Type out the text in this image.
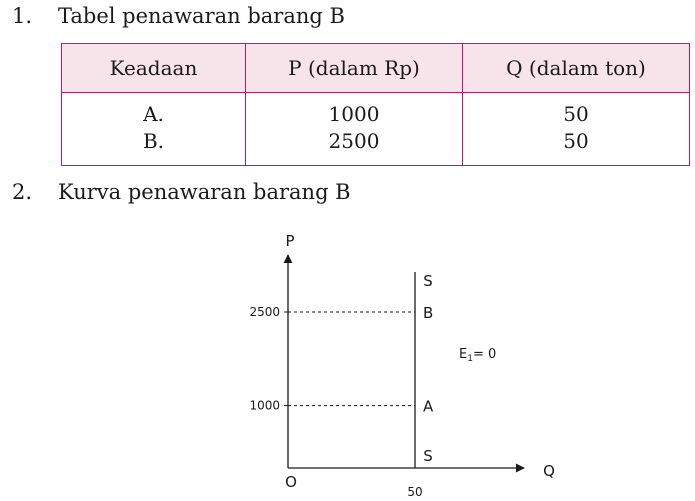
1. Tabel penawaran barang B
Keadaan	P (dalam Rp)	Q (dalam ton)
A.	1000	50
B.	2500	50
2. Kurva penawaran barang B
P
Q
O
50
1000	A
2500	B
S
S
$E_1= 0$
